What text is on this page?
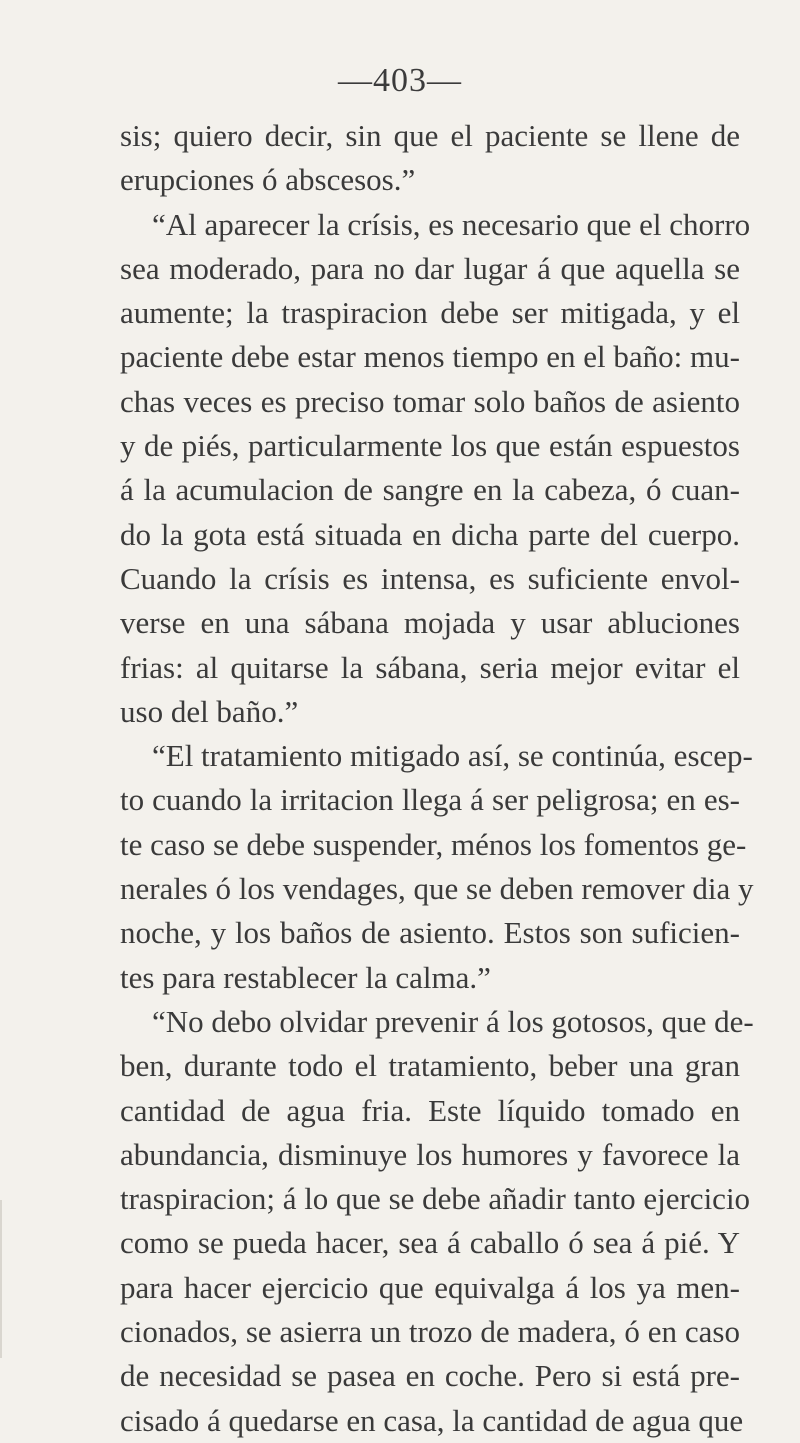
—403—
sis; quiero decir, sin que el paciente se llene de
erupciones ó abscesos.”
“Al aparecer la crísis, es necesario que el chorro
sea moderado, para no dar lugar á que aquella se
aumente; la traspiracion debe ser mitigada, y el
paciente debe estar menos tiempo en el baño: mu-
chas veces es preciso tomar solo baños de asiento
y de piés, particularmente los que están espuestos
á la acumulacion de sangre en la cabeza, ó cuan-
do la gota está situada en dicha parte del cuerpo.
Cuando la crísis es intensa, es suficiente envol-
verse en una sábana mojada y usar abluciones
frias: al quitarse la sábana, seria mejor evitar el
uso del baño.”
“El tratamiento mitigado así, se continúa, escep-
to cuando la irritacion llega á ser peligrosa; en es-
te caso se debe suspender, ménos los fomentos ge-
nerales ó los vendages, que se deben remover dia y
noche, y los baños de asiento. Estos son suficien-
tes para restablecer la calma.”
“No debo olvidar prevenir á los gotosos, que de-
ben, durante todo el tratamiento, beber una gran
cantidad de agua fria. Este líquido tomado en
abundancia, disminuye los humores y favorece la
traspiracion; á lo que se debe añadir tanto ejercicio
como se pueda hacer, sea á caballo ó sea á pié. Y
para hacer ejercicio que equivalga á los ya men-
cionados, se asierra un trozo de madera, ó en caso
de necesidad se pasea en coche. Pero si está pre-
cisado á quedarse en casa, la cantidad de agua que
